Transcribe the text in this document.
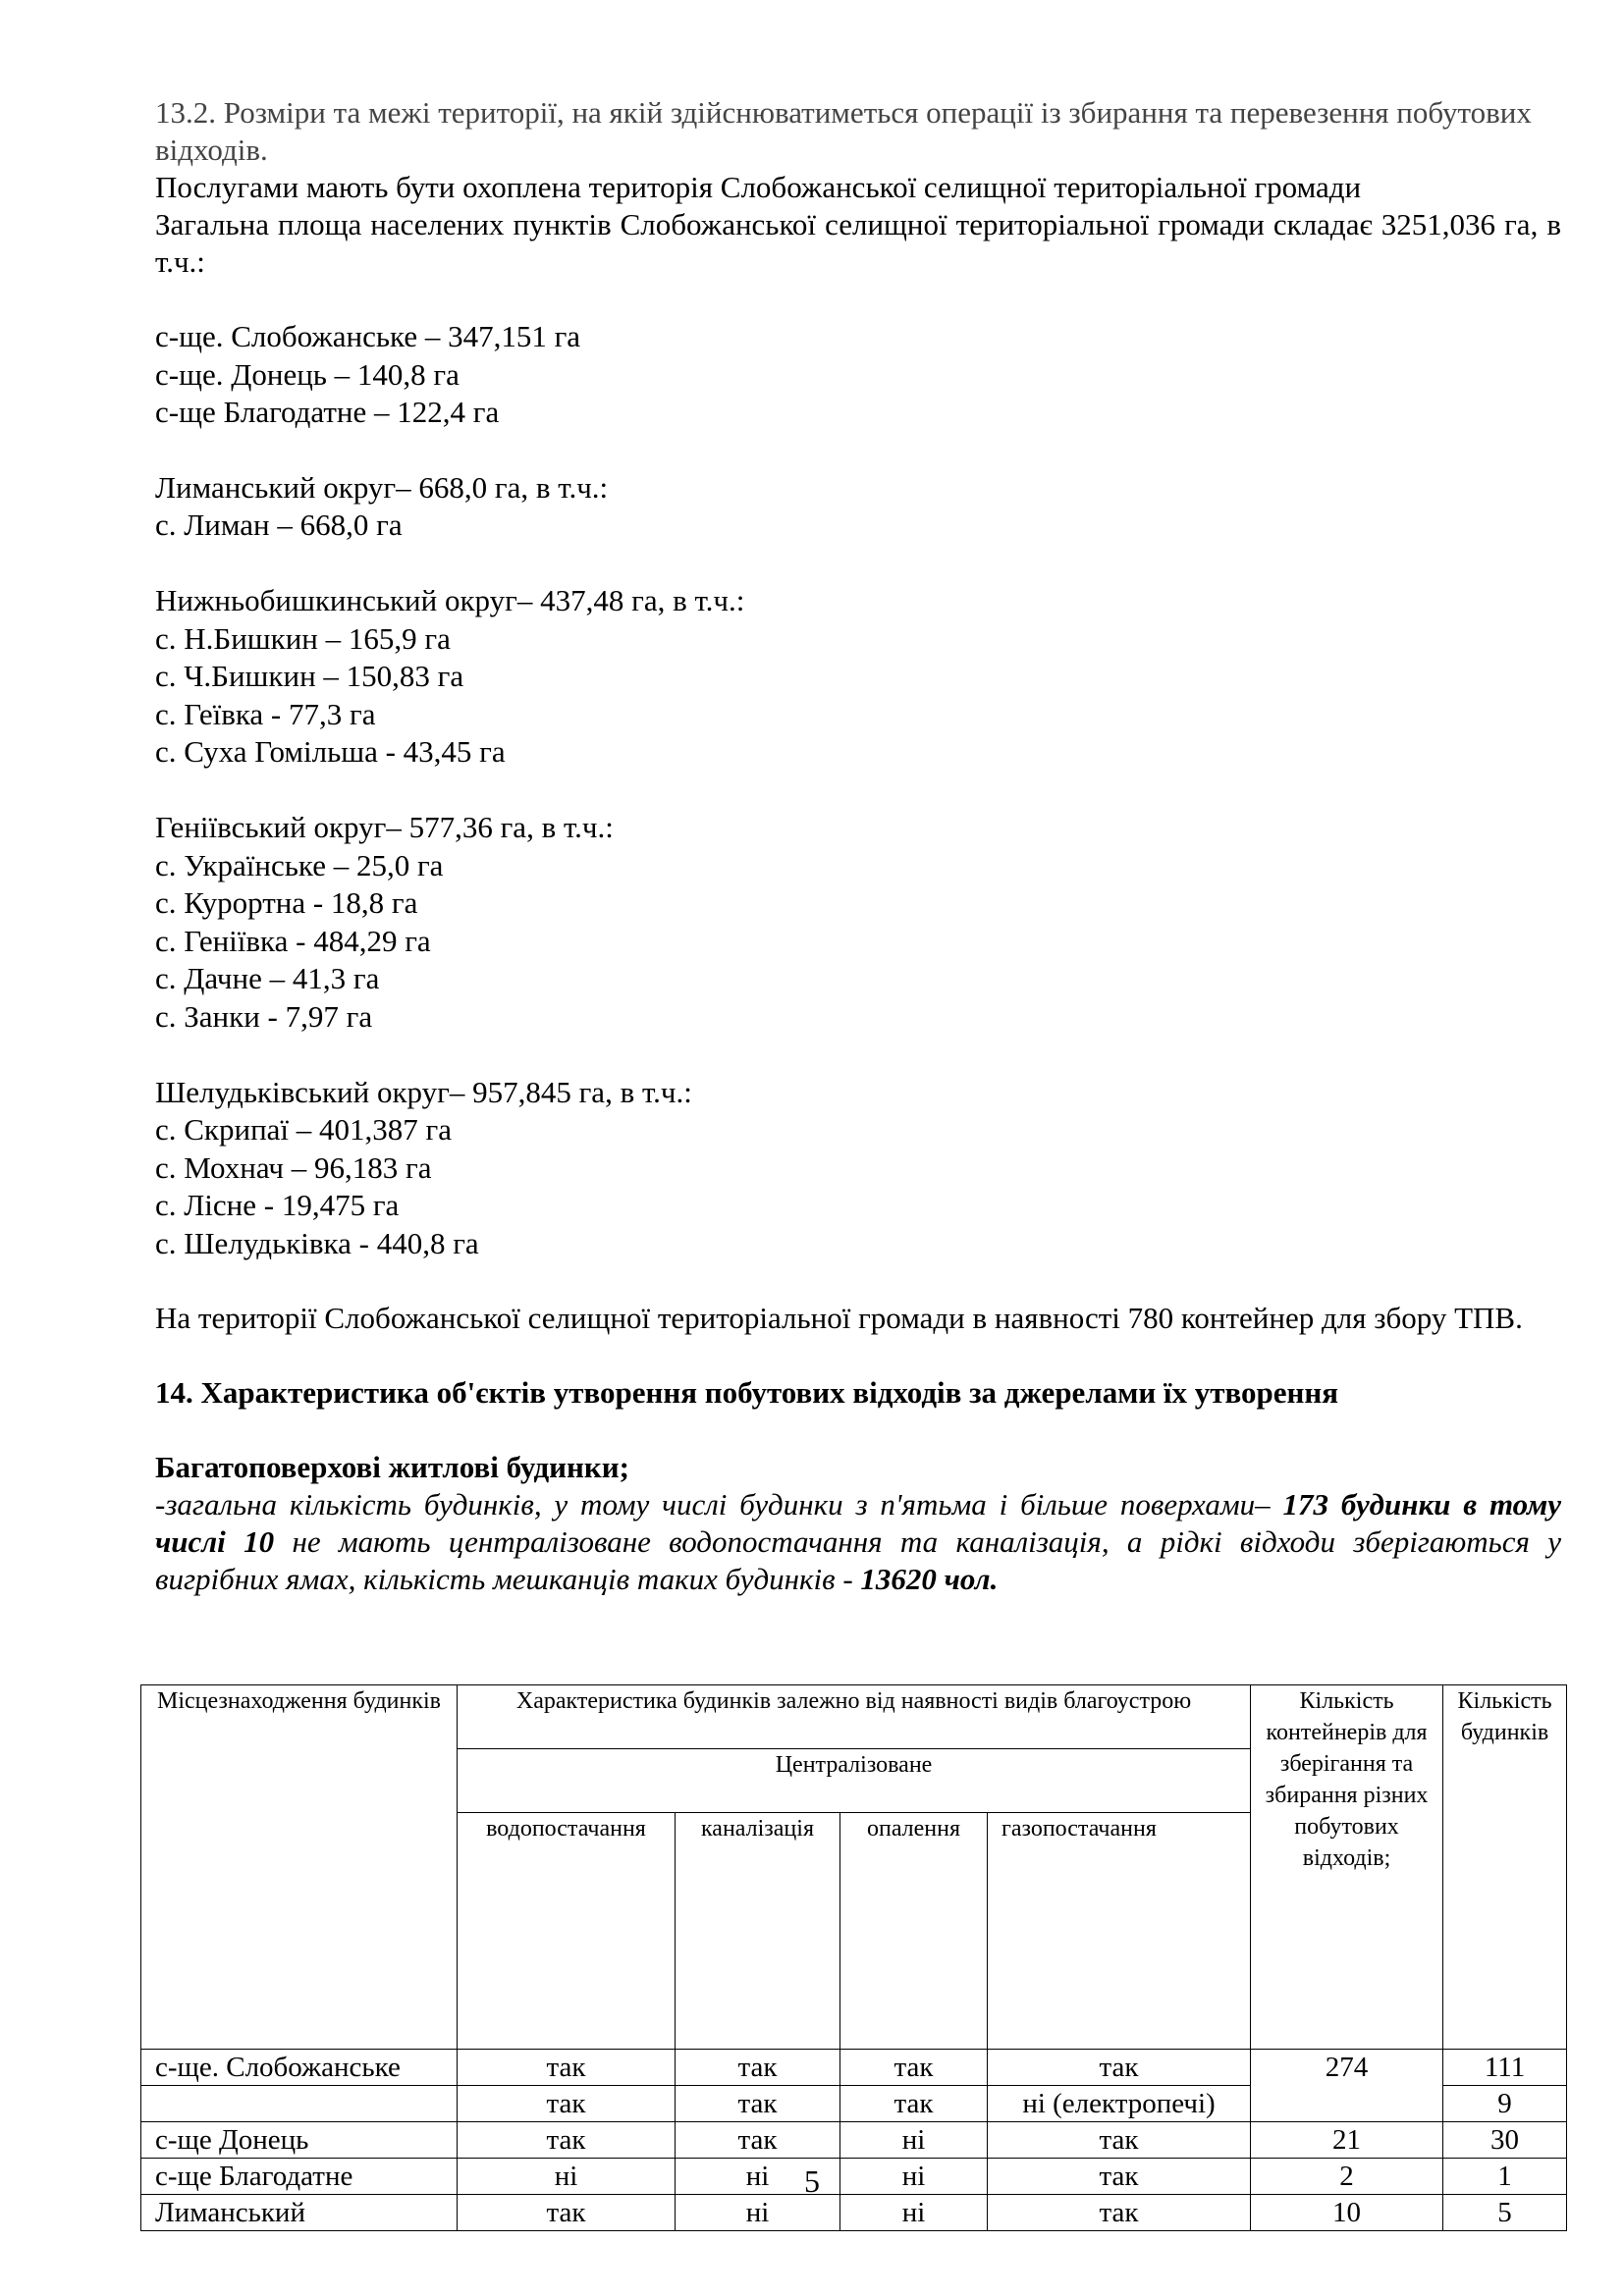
13.2. Розміри та межі території, на якій здійснюватиметься операції із збирання та перевезення побутових відходів.

Послугами мають бути охоплена територія Слобожанської селищної територіальної громади

Загальна площа населених пунктів Слобожанської селищної територіальної громади складає 3251,036 га, в т.ч.:

с-ще. Слобожанське – 347,151 га

с-ще. Донець – 140,8 га

с-ще Благодатне – 122,4 га

Лиманський округ– 668,0 га, в т.ч.:

с. Лиман – 668,0 га

Нижньобишкинський округ– 437,48 га, в т.ч.:

с. Н.Бишкин – 165,9 га

с. Ч.Бишкин – 150,83 га

с. Геївка - 77,3 га

с. Суха Гомільша - 43,45 га

Геніївський округ– 577,36 га, в т.ч.:

с. Українське – 25,0 га

с. Курортна - 18,8 га

с. Геніївка - 484,29 га

с. Дачне – 41,3 га

с. Занки - 7,97 га

Шелудьківський округ– 957,845 га, в т.ч.:

с. Скрипаї – 401,387 га

с. Мохнач – 96,183 га

с. Лісне - 19,475 га

с. Шелудьківка - 440,8 га

На території Слобожанської селищної територіальної громади в наявності 780 контейнер для збору ТПВ.

14. Характеристика об'єктів утворення побутових відходів за джерелами їх утворення

Багатоповерхові житлові будинки;

-загальна кількість будинків, у тому числі будинки з п'ятьма і більше поверхами– 173 будинки в тому числі 10 не мають централізоване водопостачання та каналізація, а рідкі відходи зберігаються у вигрібних ямах, кількість мешканців таких будинків - 13620 чол.

Місцезнаходження будинків	Характеристика будинків залежно від наявності видів благоустрою				Кількість контейнерів для зберігання та збирання різних побутових відходів;	Кількість будинків
	Централізоване					
	водопостачання	каналізація	опалення	газопостачання		
с-ще. Слобожанське	так	так	так	так	274	111
	так	так	так	ні (електропечі)		9
с-ще Донець	так	так	ні	так	21	30
с-ще Благодатне	ні	ні	ні	так	2	1
Лиманський	так	ні	ні	так	10	5
5
